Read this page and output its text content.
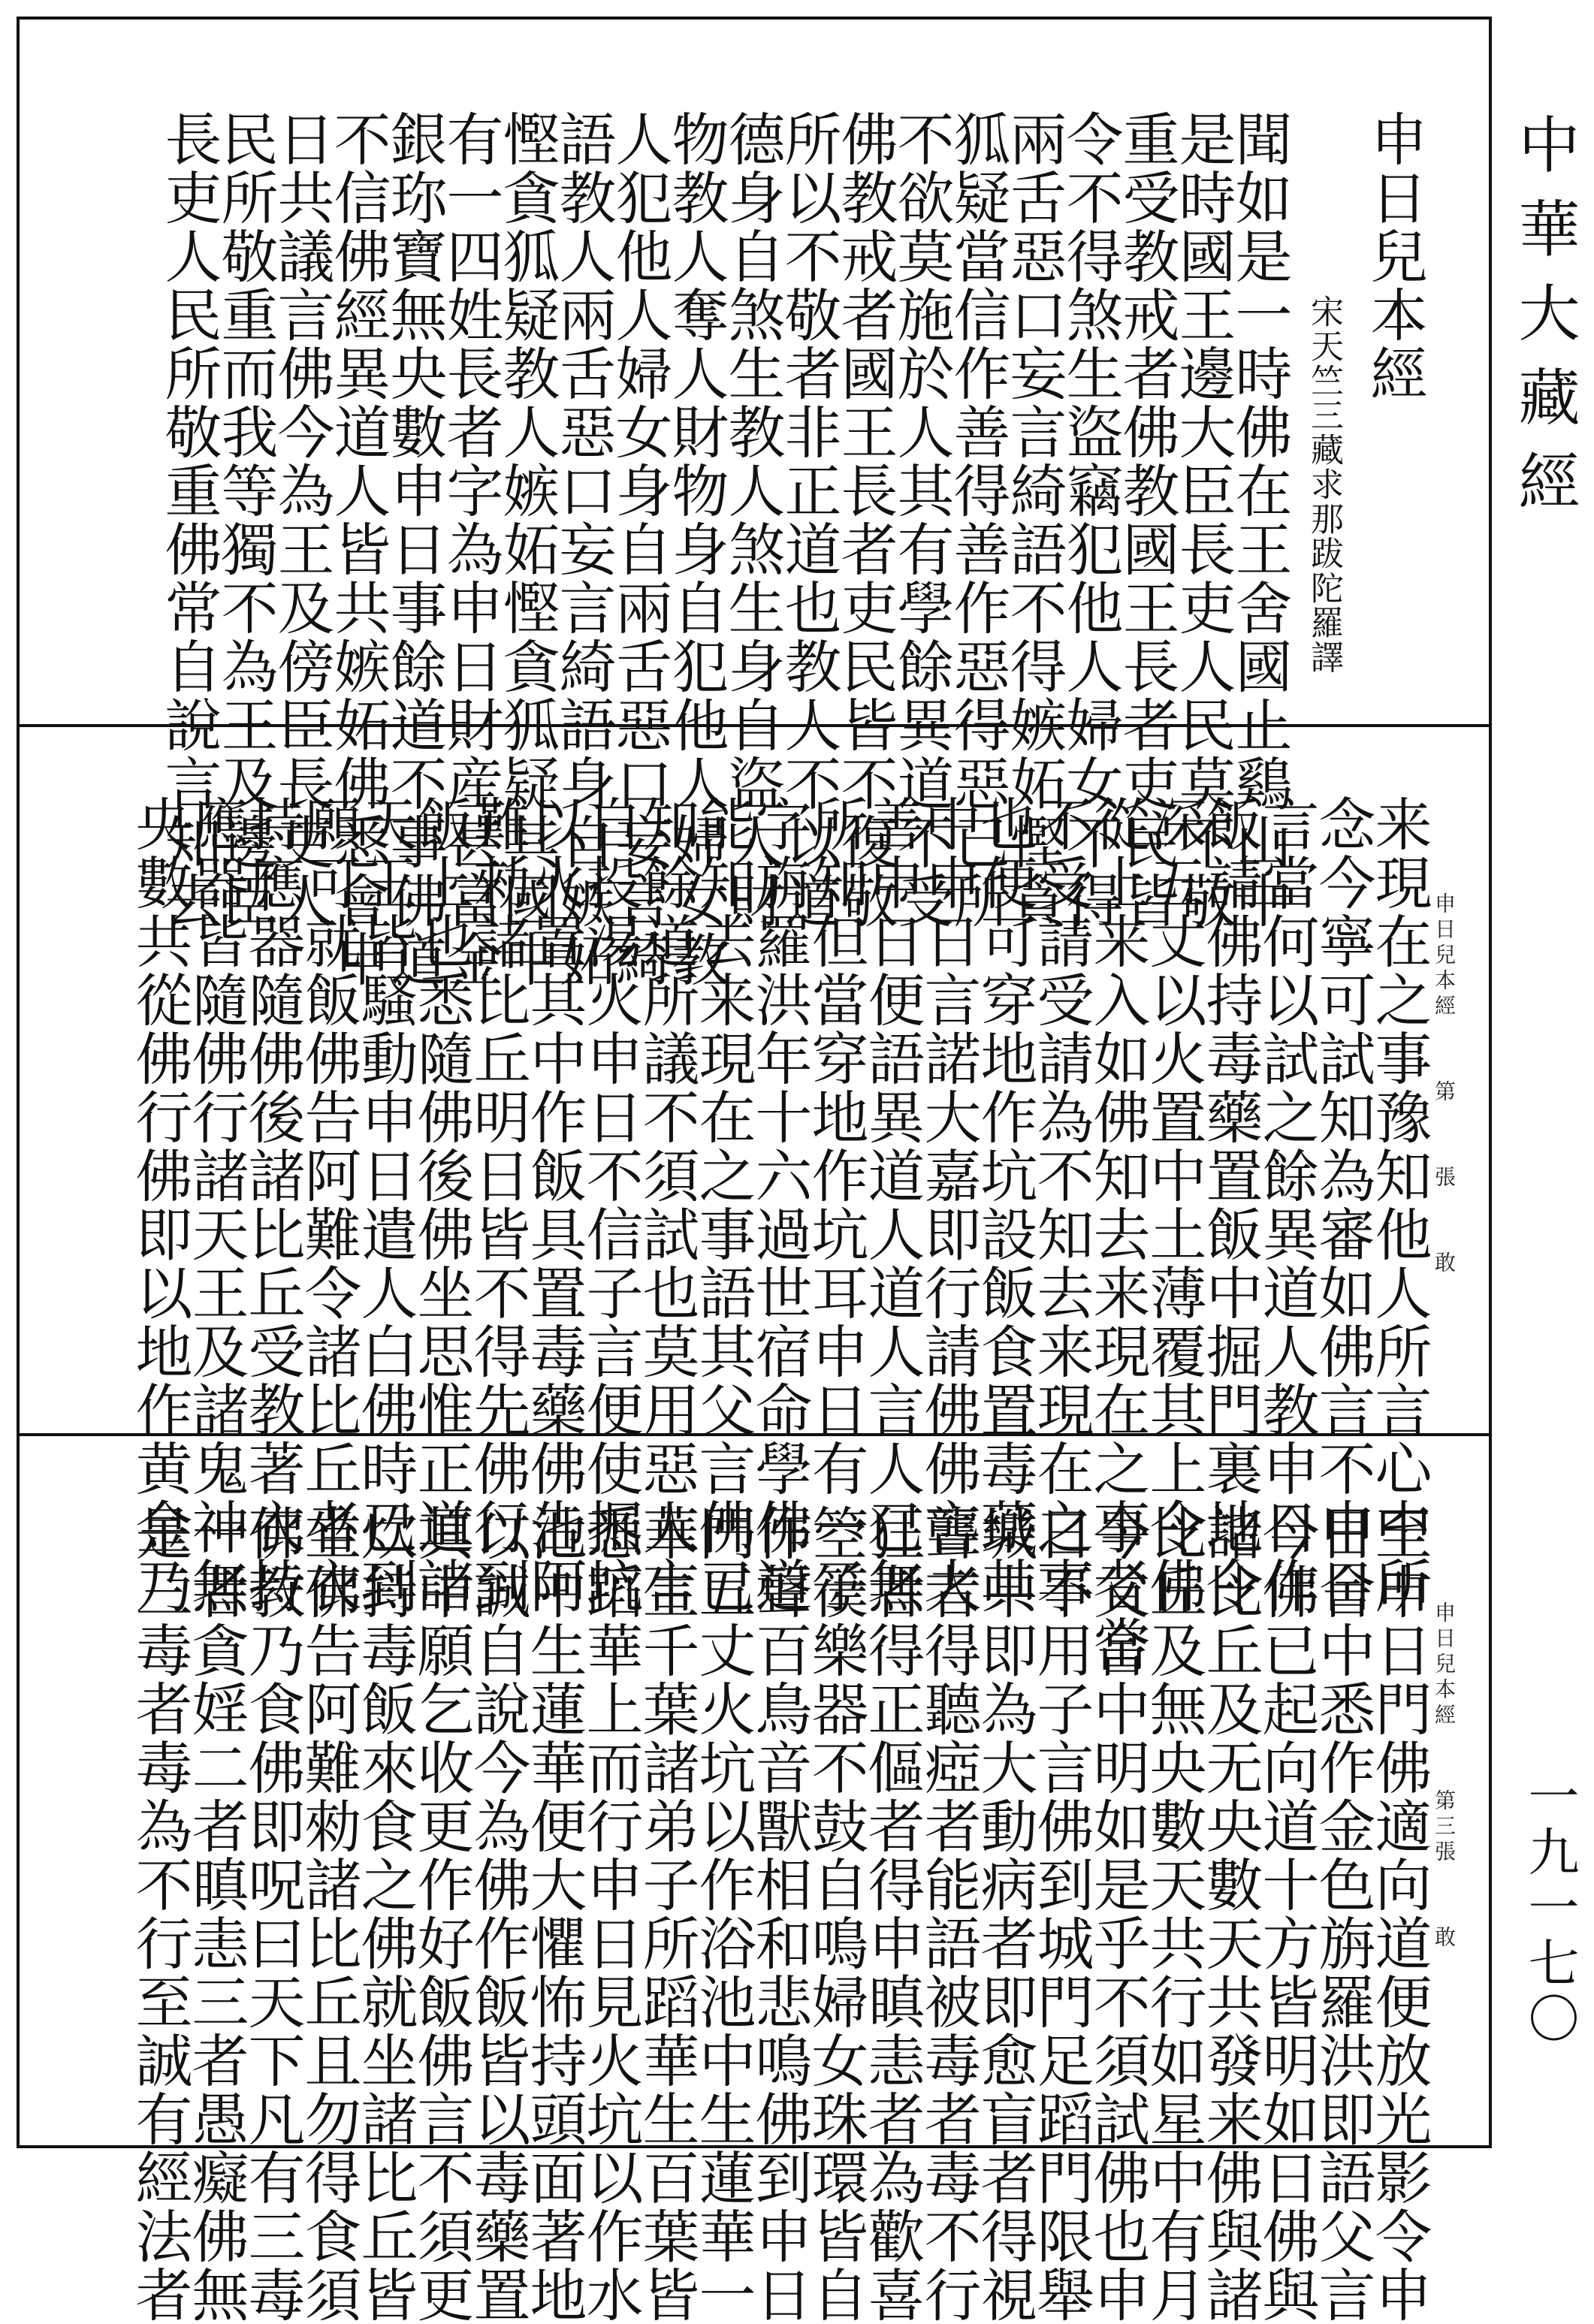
申日兒本經
宋天竺三藏求那跋陀羅譯
聞如是一時佛在王舍國止鷄山中
是時國王邊大臣長吏人民莫不敬
重受教戒者佛教國王長者吏民皆
令不得煞生盜竊犯他人婦女不得
兩舌惡口妄言綺語不得嫉妬慳貪
狐疑當信作善得善作惡得惡已所
不欲莫施於人其有學餘異道不受
佛教戒者國王長者吏民皆不復敬
所以不敬者非正道也教人不以道
德身自煞生教人煞生身自盜人財
物教人奪人財物身自犯他人婦女教
人犯他人婦女身自兩舌惡口妄言綺
語教人兩舌惡口妄言綺語身自嫉妬
慳貪狐疑教人嫉妬慳貪狐疑其國中
有一四姓長者字為申日財産甚富金
銀珎寶無央數申日事餘道不事佛道
不信佛經異道人皆共嫉妬佛悉會申
日共議言佛今為王及傍臣長吏人
民所敬重而我等獨不為王及邊臣
長吏人民所敬重佛常自說言知去
申日兒本經第張敢
来現在之事豫知他人所言心中所
念今寧可試知為審如佛言不申日
言當何以試之餘異道人教申日作
飯請佛持毒藥置飯中掘門裏地令
深五丈以火置中土薄覆其上令佛
從上来入如佛知去来現在之事者當
不受請受請為不知去来現在之事
也便可穿地作坑設飯食置毒藥其
中申日言諾大嘉即行請佛佛言大
善申日便語異道人道人言人已無
所知但當穿地作坑耳申日有一子
字旃羅洪年十六過世宿命學佛道
能知去来現在之事語其父言佛已
知餘道所議不須試也莫用惡人言
自投湯火申日不信子言便使掘坑
以火置其中作飯具置毒藥佛告阿
難勑諸比丘明日皆不得先佛行到
飯上也悉隨佛後佛坐思惟正道諸
天王皆騷動申日遣人白佛時已到
願可就飯佛告阿難令諸比丘者衣
持應器隨佛後諸比丘受教著衣持
應器皆隨佛行諸天王及諸鬼神無
央數共從佛行佛即以地作黄金乃
申日兒本經第三張敢
至申日門佛適向道便放光影令申
日舍中悉作金色旃羅洪即語父言
今佛已起向道十方皆明如日佛與
諸比丘及无央數天共發来佛與諸
比丘及無央數天共行如星中有月
今父舍中明如是乎不須試佛也申
日不用子言佛到城門足蹈門限舉
城中即為大動病者即愈盲者得視
聾者得聽瘂者能語被毒者毒不行
狂者得正傴者得申瞋恚者為歡喜
箜篌樂器不鼓自鳴婦女珠環皆自
作聲百鳥音獸相和悲鳴佛到申日
門五丈火坑以作浴池中生蓮華一
華生千葉諸弟子所蹈華生百葉皆
悉蹈華上而行申日見火坑以作水
池中生蓮華便大懼怖持頭面著地
以誠自說今為佛作飯皆以毒藥置
其中願乞收更作好飯佛言不須更
炊持毒飯來食之佛就坐諸比丘皆
坐佛告阿難勑諸比丘且勿得食須
佛教乃食佛即呪曰天下凡有三毒
一者貪婬二者瞋恚三者愚癡佛無
是三毒者毒為不行至誠有經法者
中華大藏經
一九一七〇
